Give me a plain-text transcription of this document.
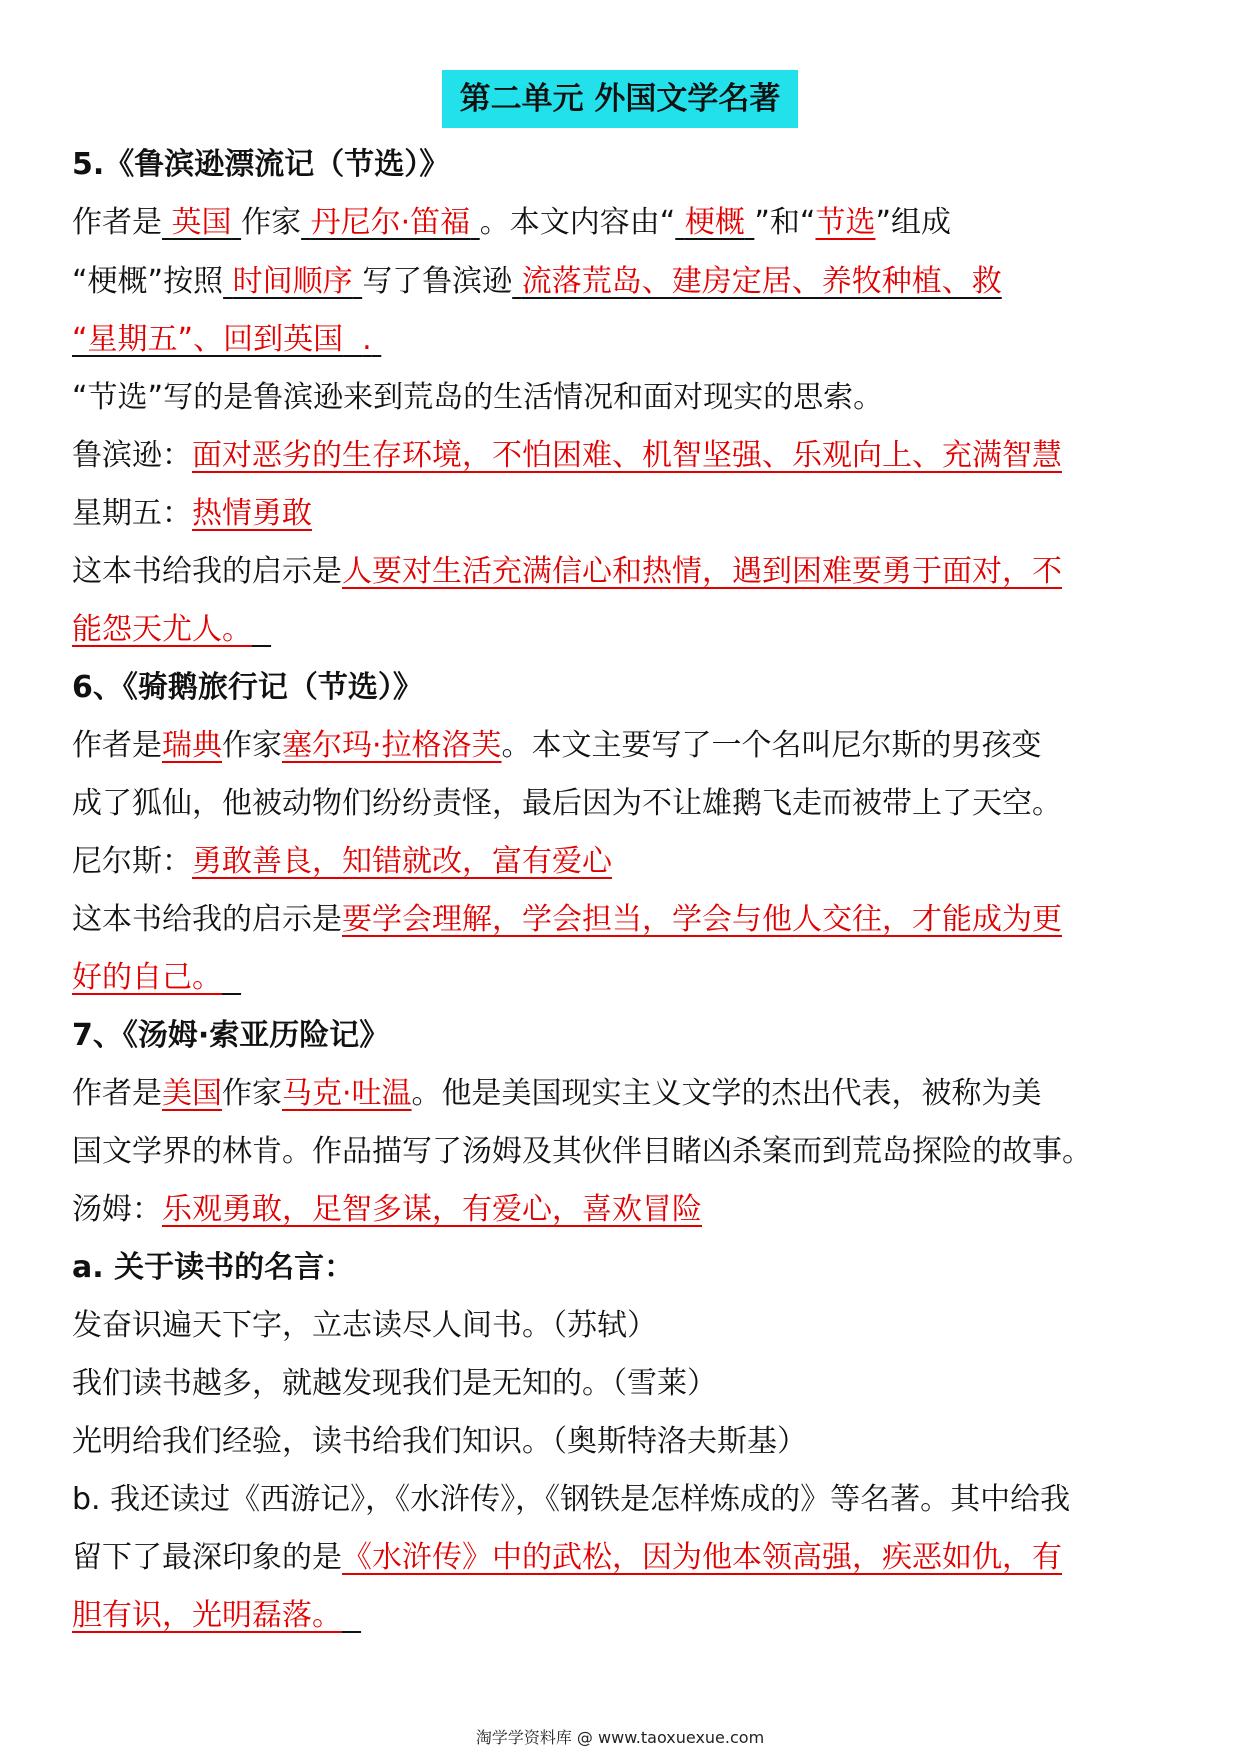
第二单元 外国文学名著
5.《鲁滨逊漂流记（节选）》
作者是 英国 作家 丹尼尔·笛福 。本文内容由“ 梗概 ”和“节选”组成
“梗概”按照 时间顺序 写了鲁滨逊 流落荒岛、建房定居、养牧种植、救
“星期五”、回到英国 .
“节选”写的是鲁滨逊来到荒岛的生活情况和面对现实的思索。
鲁滨逊：面对恶劣的生存环境，不怕困难、机智坚强、乐观向上、充满智慧
星期五：热情勇敢
这本书给我的启示是人要对生活充满信心和热情，遇到困难要勇于面对，不
能怨天尤人。
6、《骑鹅旅行记（节选）》
作者是瑞典作家塞尔玛·拉格洛芙。本文主要写了一个名叫尼尔斯的男孩变
成了狐仙，他被动物们纷纷责怪，最后因为不让雄鹅飞走而被带上了天空。
尼尔斯：勇敢善良，知错就改，富有爱心
这本书给我的启示是要学会理解，学会担当，学会与他人交往，才能成为更
好的自己。
7、《汤姆·索亚历险记》
作者是美国作家马克·吐温。他是美国现实主义文学的杰出代表，被称为美
国文学界的林肯。作品描写了汤姆及其伙伴目睹凶杀案而到荒岛探险的故事。
汤姆：乐观勇敢，足智多谋，有爱心，喜欢冒险
a. 关于读书的名言：
发奋识遍天下字，立志读尽人间书。（苏轼）
我们读书越多，就越发现我们是无知的。（雪莱）
光明给我们经验，读书给我们知识。（奥斯特洛夫斯基）
b. 我还读过《西游记》，《水浒传》，《钢铁是怎样炼成的》等名著。其中给我
留下了最深印象的是《水浒传》中的武松，因为他本领高强，疾恶如仇，有
胆有识，光明磊落。
淘学学资料库 @ www.taoxuexue.com
